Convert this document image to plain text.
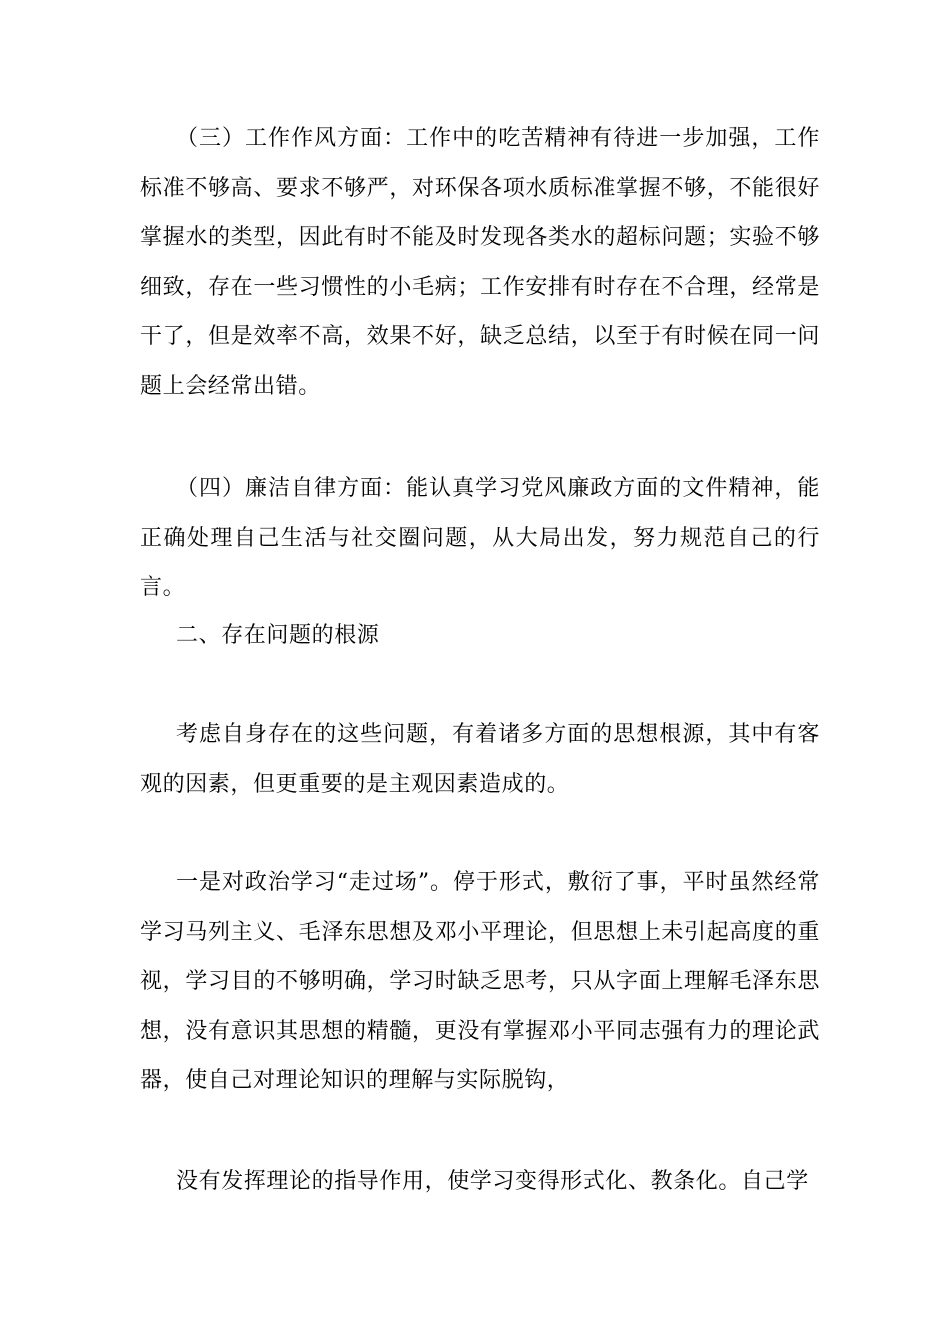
（三）工作作风方面：工作中的吃苦精神有待进一步加强，工作标准不够高、要求不够严，对环保各项水质标准掌握不够，不能很好掌握水的类型，因此有时不能及时发现各类水的超标问题；实验不够细致，存在一些习惯性的小毛病；工作安排有时存在不合理，经常是干了，但是效率不高，效果不好，缺乏总结，以至于有时候在同一问题上会经常出错。

（四）廉洁自律方面：能认真学习党风廉政方面的文件精神，能正确处理自己生活与社交圈问题，从大局出发，努力规范自己的行言。

二、存在问题的根源

考虑自身存在的这些问题，有着诸多方面的思想根源，其中有客观的因素，但更重要的是主观因素造成的。

一是对政治学习“走过场”。停于形式，敷衍了事，平时虽然经常学习马列主义、毛泽东思想及邓小平理论，但思想上未引起高度的重视，学习目的不够明确，学习时缺乏思考，只从字面上理解毛泽东思想，没有意识其思想的精髓，更没有掌握邓小平同志强有力的理论武器，使自己对理论知识的理解与实际脱钩，

没有发挥理论的指导作用，使学习变得形式化、教条化。自己学
